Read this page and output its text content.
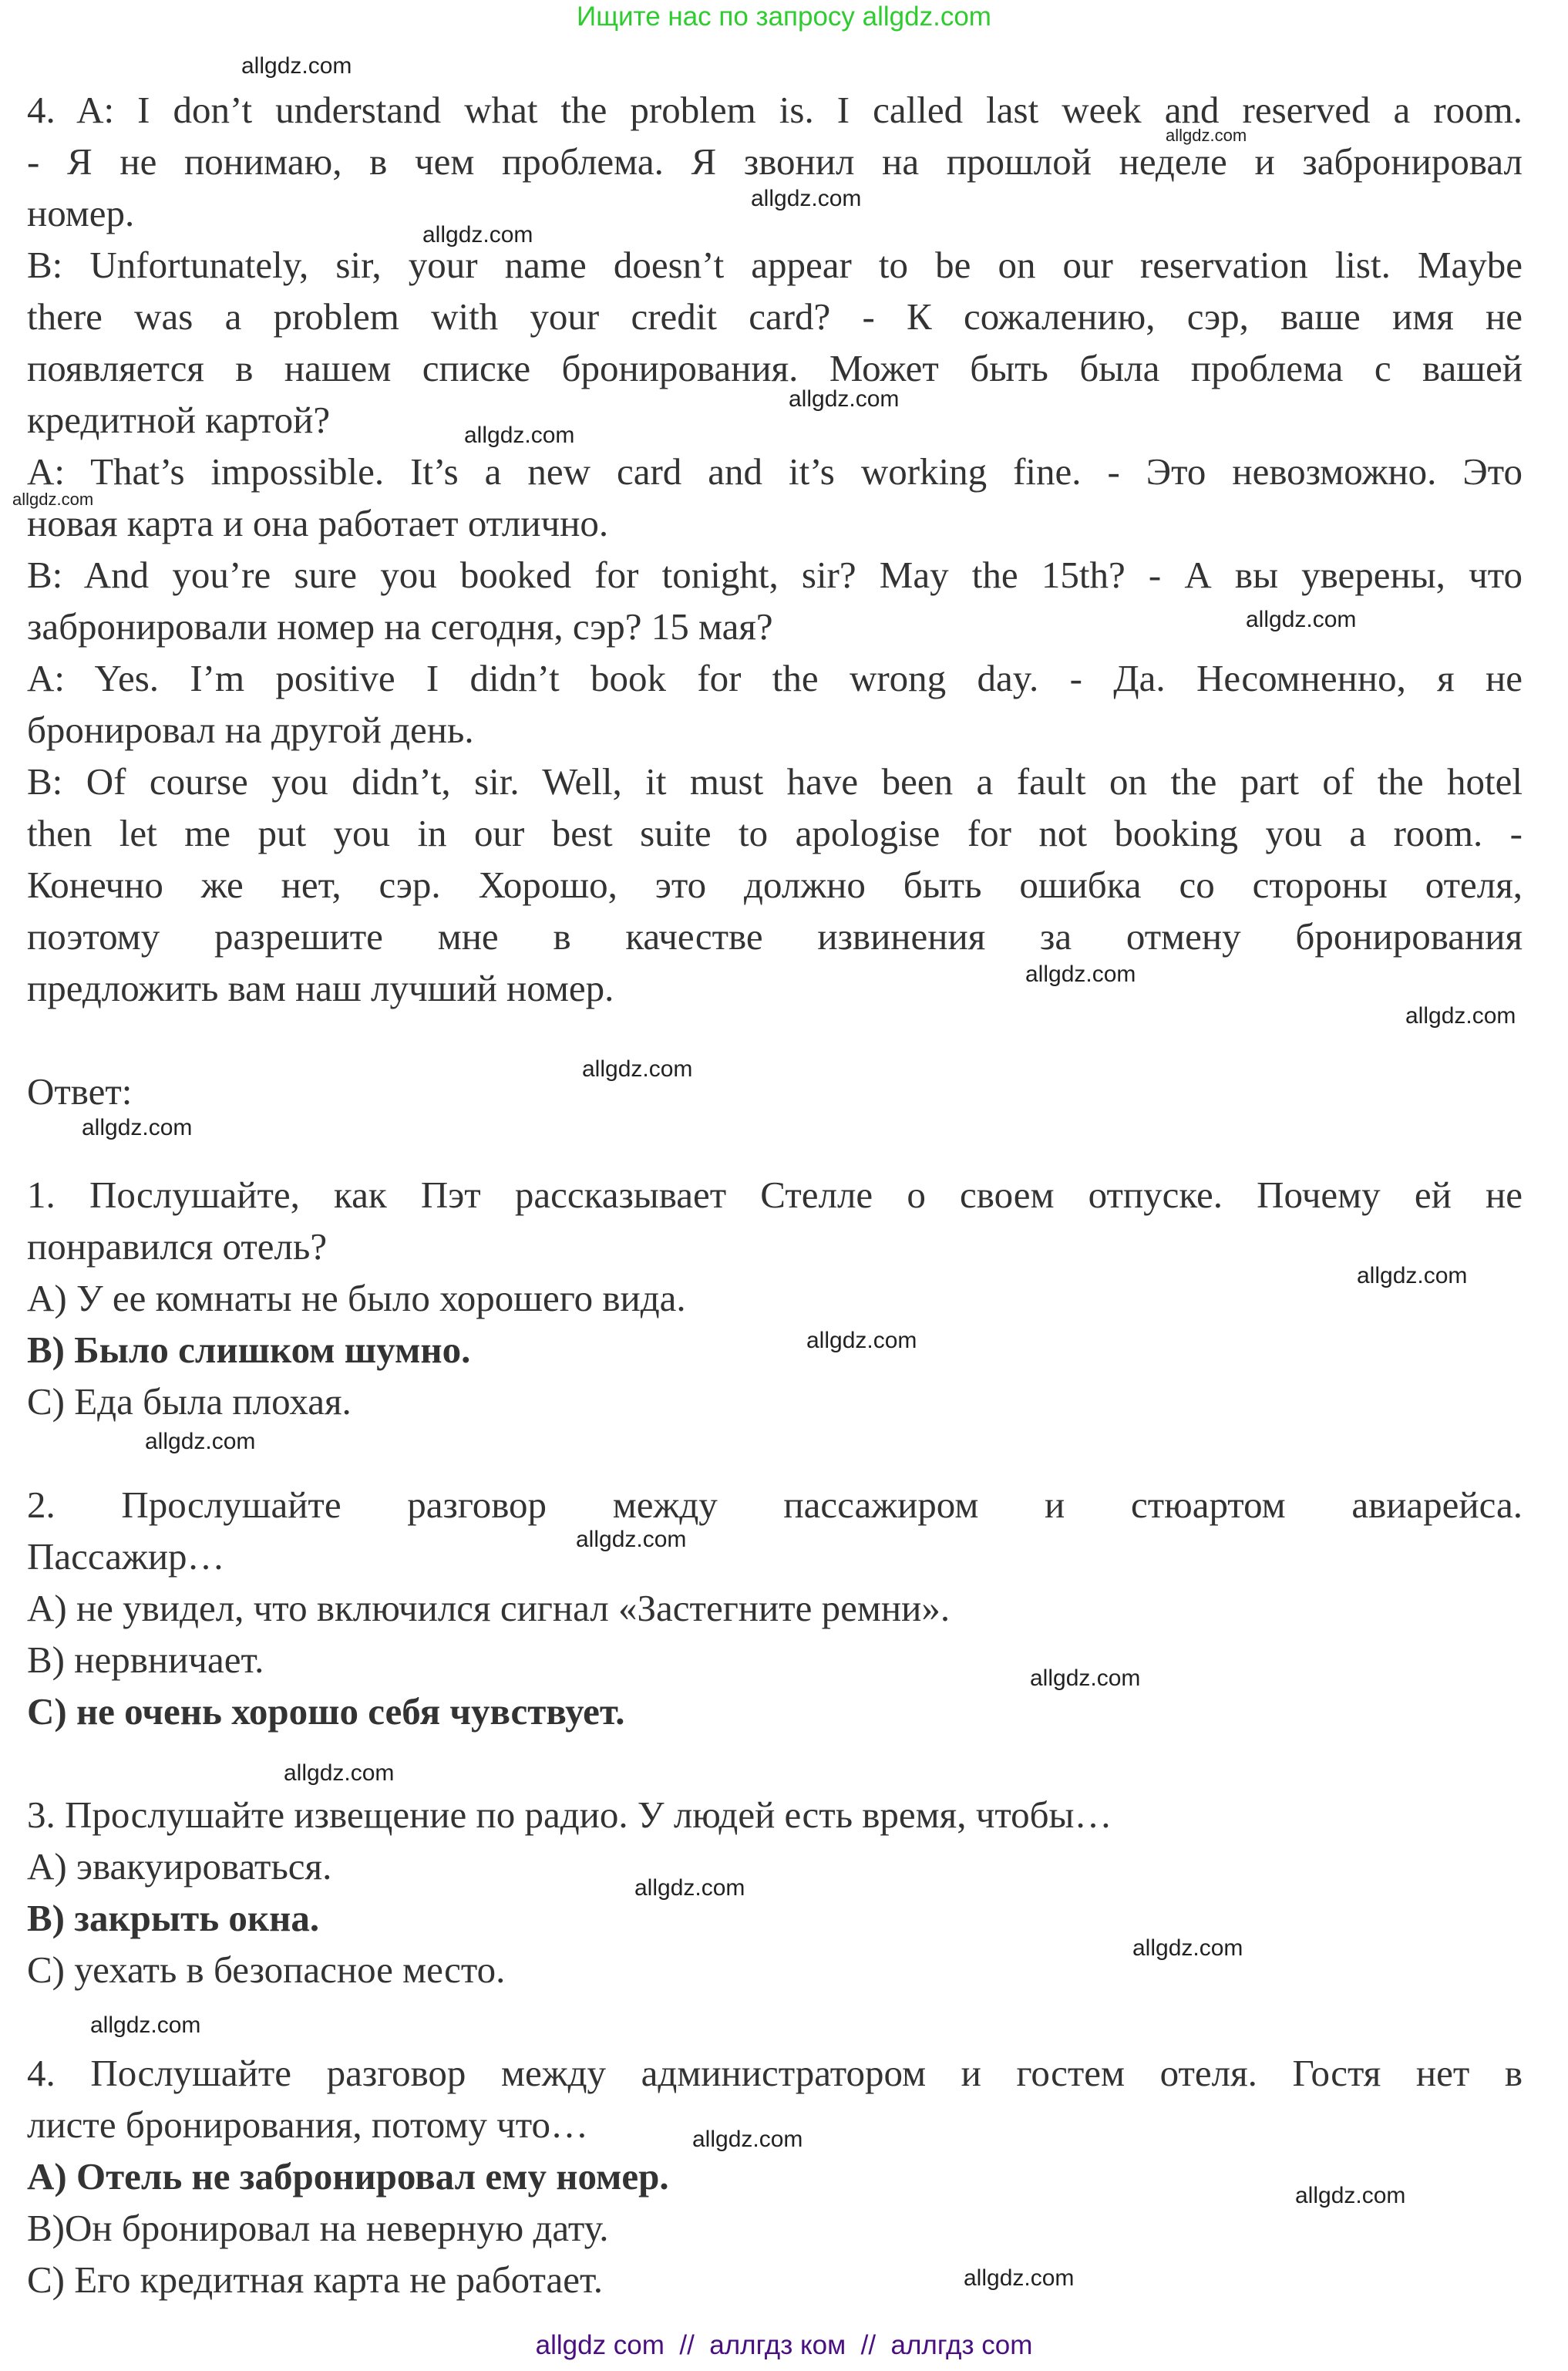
Ищите нас по запросу allgdz.com
4. A: I don’t understand what the problem is. I called last week and reserved a room.
- Я не понимаю, в чем проблема. Я звонил на прошлой неделе и забронировал
номер.
B: Unfortunately, sir, your name doesn’t appear to be on our reservation list. Maybe
there was a problem with your credit card? - К сожалению, сэр, ваше имя не
появляется в нашем списке бронирования. Может быть была проблема с вашей
кредитной картой?
A: That’s impossible. It’s a new card and it’s working fine. - Это невозможно. Это
новая карта и она работает отлично.
B: And you’re sure you booked for tonight, sir? May the 15th? - А вы уверены, что
забронировали номер на сегодня, сэр? 15 мая?
A: Yes. I’m positive I didn’t book for the wrong day. - Да. Несомненно, я не
бронировал на другой день.
B: Of course you didn’t, sir. Well, it must have been a fault on the part of the hotel
then let me put you in our best suite to apologise for not booking you a room. -
Конечно же нет, сэр. Хорошо, это должно быть ошибка со стороны отеля,
поэтому разрешите мне в качестве извинения за отмену бронирования
предложить вам наш лучший номер.
Ответ:
1. Послушайте, как Пэт рассказывает Стелле о своем отпуске. Почему ей не
понравился отель?
A) У ее комнаты не было хорошего вида.
B) Было слишком шумно.
C) Еда была плохая.
2. Прослушайте разговор между пассажиром и стюартом авиарейса.
Пассажир…
A) не увидел, что включился сигнал «Застегните ремни».
B) нервничает.
C) не очень хорошо себя чувствует.
3. Прослушайте извещение по радио. У людей есть время, чтобы…
A) эвакуироваться.
B) закрыть окна.
C) уехать в безопасное место.
4. Послушайте разговор между администратором и гостем отеля. Гостя нет в
листе бронирования, потому что…
A) Отель не забронировал ему номер.
B)Он бронировал на неверную дату.
C) Его кредитная карта не работает.
allgdz.com
allgdz.com
allgdz.com
allgdz.com
allgdz.com
allgdz.com
allgdz.com
allgdz.com
allgdz.com
allgdz.com
allgdz.com
allgdz.com
allgdz.com
allgdz.com
allgdz.com
allgdz.com
allgdz.com
allgdz.com
allgdz.com
allgdz.com
allgdz.com
allgdz.com
allgdz.com
allgdz.com
allgdz com  //  аллгдз ком  //  аллгдз com
